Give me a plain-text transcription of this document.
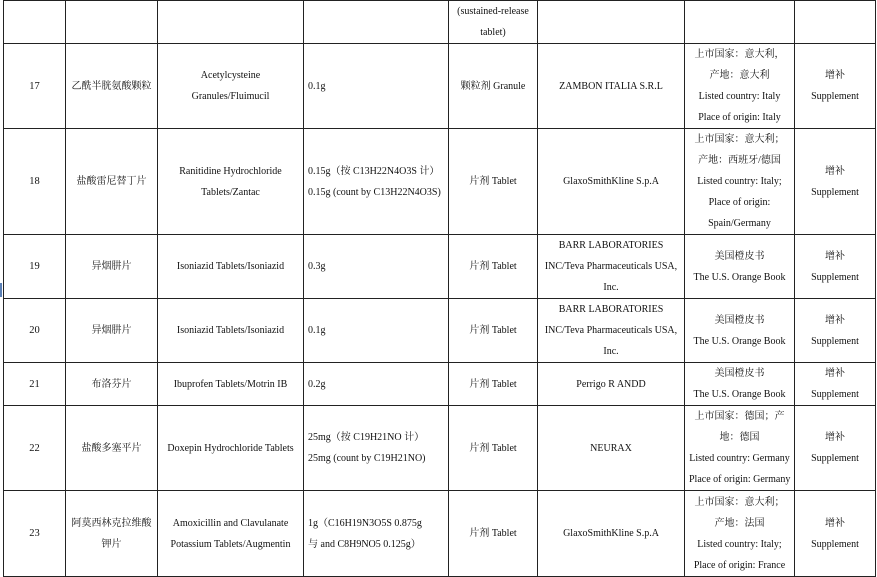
				(sustained-release
tablet)			

17	乙酰半胱氨酸颗粒	Acetylcysteine
Granules/Fluimucil	0.1g	颗粒剂 Granule	ZAMBON ITALIA S.R.L	上市国家：意大利，
产地：意大利
Listed country: Italy
Place of origin: Italy	增补
Supplement

18	盐酸雷尼替丁片	Ranitidine Hydrochloride
Tablets/Zantac	0.15g（按 C13H22N4O3S 计）
0.15g (count by C13H22N4O3S)	片剂 Tablet	GlaxoSmithKline S.p.A	上市国家：意大利；
产地：西班牙/德国
Listed country: Italy;
Place of origin:
Spain/Germany	增补
Supplement

19	异烟肼片	Isoniazid Tablets/Isoniazid	0.3g	片剂 Tablet	BARR LABORATORIES
INC/Teva Pharmaceuticals USA,
Inc.	美国橙皮书
The U.S. Orange Book	增补
Supplement

20	异烟肼片	Isoniazid Tablets/Isoniazid	0.1g	片剂 Tablet	BARR LABORATORIES
INC/Teva Pharmaceuticals USA,
Inc.	美国橙皮书
The U.S. Orange Book	增补
Supplement

21	布洛芬片	Ibuprofen Tablets/Motrin IB	0.2g	片剂 Tablet	Perrigo R ANDD	美国橙皮书
The U.S. Orange Book	增补
Supplement

22	盐酸多塞平片	Doxepin Hydrochloride Tablets	25mg（按 C19H21NO 计）
25mg (count by C19H21NO)	片剂 Tablet	NEURAX	上市国家：德国；产
地：德国
Listed country: Germany
Place of origin: Germany	增补
Supplement

23	阿莫西林克拉维酸
钾片	Amoxicillin and Clavulanate
Potassium Tablets/Augmentin	1g（C16H19N3O5S 0.875g
与 and C8H9NO5 0.125g）	片剂 Tablet	GlaxoSmithKline S.p.A	上市国家：意大利；
产地：法国
Listed country: Italy;
Place of origin: France	增补
Supplement
